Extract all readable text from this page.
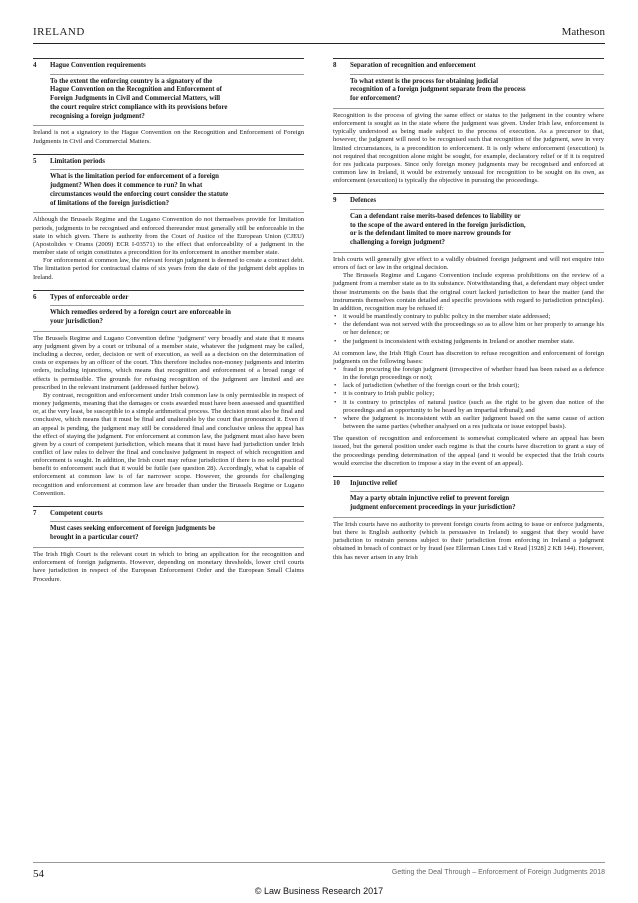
IRELAND	Matheson
4	Hague Convention requirements
To the extent the enforcing country is a signatory of the
Hague Convention on the Recognition and Enforcement of
Foreign Judgments in Civil and Commercial Matters, will
the court require strict compliance with its provisions before
recognising a foreign judgment?

Ireland is not a signatory to the Hague Convention on the Recognition and Enforcement of Foreign Judgments in Civil and Commercial Matters.

5	Limitation periods
What is the limitation period for enforcement of a foreign
judgment? When does it commence to run? In what
circumstances would the enforcing court consider the statute
of limitations of the foreign jurisdiction?

Although the Brussels Regime and the Lugano Convention do not themselves provide for limitation periods, judgments to be recognised and enforced thereunder must generally still be enforceable in the state in which given. There is authority from the Court of Justice of the European Union (CJEU) (Apostolides v Orams (2009) ECR I-03571) to the effect that enforceability of a judgment in the member state of origin constitutes a precondition for its enforcement in another member state.

For enforcement at common law, the relevant foreign judgment is deemed to create a contract debt. The limitation period for contractual claims of six years from the date of the judgment debt applies in Ireland.

6	Types of enforceable order
Which remedies ordered by a foreign court are enforceable in
your jurisdiction?

The Brussels Regime and Lugano Convention define ‘judgment’ very broadly and state that it means any judgment given by a court or tribunal of a member state, whatever the judgment may be called, including a decree, order, decision or writ of execution, as well as a decision on the determination of costs or expenses by an officer of the court. This therefore includes non-money judgments and interim orders, including injunctions, which means that recognition and enforcement of a broad range of effects is permissible. The grounds for refusing recognition of the judgment are limited and are prescribed in the relevant instrument (addressed further below).

By contrast, recognition and enforcement under Irish common law is only permissible in respect of money judgments, meaning that the damages or costs awarded must have been assessed and quantified or, at the very least, be susceptible to a simple arithmetical process. The decision must also be final and conclusive, which means that it must be final and unalterable by the court that pronounced it. Even if an appeal is pending, the judgment may still be considered final and conclusive unless the appeal has the effect of staying the judgment. For enforcement at common law, the judgment must also have been given by a court of competent jurisdiction, which means that it must have had jurisdiction under Irish conflict of law rules to deliver the final and conclusive judgment in respect of which recognition and enforcement is sought. In addition, the Irish court may refuse jurisdiction if there is no solid practical benefit to enforcement such that it would be futile (see question 28). Accordingly, what is capable of enforcement at common law is of far narrower scope. However, the grounds for challenging recognition and enforcement at common law are broader than under the Brussels Regime or Lugano Convention.

7	Competent courts
Must cases seeking enforcement of foreign judgments be
brought in a particular court?

The Irish High Court is the relevant court in which to bring an application for the recognition and enforcement of foreign judgments. However, depending on monetary thresholds, lower civil courts have jurisdiction in respect of the European Enforcement Order and the European Small Claims Procedure.

8	Separation of recognition and enforcement
To what extent is the process for obtaining judicial
recognition of a foreign judgment separate from the process
for enforcement?

Recognition is the process of giving the same effect or status to the judgment in the country where enforcement is sought as in the state where the judgment was given. Under Irish law, enforcement is typically understood as being made subject to the process of execution. As a precursor to that, however, the judgment will need to be recognised such that recognition of the judgment, save in very limited circumstances, is a precondition to enforcement. It is only where enforcement (execution) is not required that recognition alone might be sought, for example, declaratory relief or if it is required for res judicata purposes. Since only foreign money judgments may be recognised and enforced at common law in Ireland, it would be extremely unusual for recognition to be sought on its own, as enforcement (execution) is typically the objective in pursuing the proceedings.

9	Defences
Can a defendant raise merits-based defences to liability or
to the scope of the award entered in the foreign jurisdiction,
or is the defendant limited to more narrow grounds for
challenging a foreign judgment?

Irish courts will generally give effect to a validly obtained foreign judgment and will not enquire into errors of fact or law in the original decision.

The Brussels Regime and Lugano Convention include express prohibitions on the review of a judgment from a member state as to its substance. Notwithstanding that, a defendant may object under those instruments on the basis that the original court lacked jurisdiction to hear the matter (and the instruments themselves contain detailed and specific provisions with regard to jurisdiction principles). In addition, recognition may be refused if:

• it would be manifestly contrary to public policy in the member state addressed;
• the defendant was not served with the proceedings so as to allow him or her properly to arrange his or her defence; or
• the judgment is inconsistent with existing judgments in Ireland or another member state.

At common law, the Irish High Court has discretion to refuse recognition and enforcement of foreign judgments on the following bases:

• fraud in procuring the foreign judgment (irrespective of whether fraud has been raised as a defence in the foreign proceedings or not);
• lack of jurisdiction (whether of the foreign court or the Irish court);
• it is contrary to Irish public policy;
• it is contrary to principles of natural justice (such as the right to be given due notice of the proceedings and an opportunity to be heard by an impartial tribunal); and
• where the judgment is inconsistent with an earlier judgment based on the same cause of action between the same parties (whether analysed on a res judicata or issue estoppel basis).

The question of recognition and enforcement is somewhat complicated where an appeal has been issued, but the general position under each regime is that the courts have discretion to grant a stay of the proceedings pending determination of the appeal (and it would be expected that the Irish courts would exercise the discretion to impose a stay in the event of an appeal).

10	Injunctive relief
May a party obtain injunctive relief to prevent foreign
judgment enforcement proceedings in your jurisdiction?

The Irish courts have no authority to prevent foreign courts from acting to issue or enforce judgments, but there is English authority (which is persuasive in Ireland) to suggest that they would have jurisdiction to restrain persons subject to their jurisdiction from enforcing in Ireland a judgment obtained in breach of contract or by fraud (see Ellerman Lines Ltd v Read [1928] 2 KB 144). However, this has never arisen in any Irish

54	Getting the Deal Through – Enforcement of Foreign Judgments 2018
© Law Business Research 2017
